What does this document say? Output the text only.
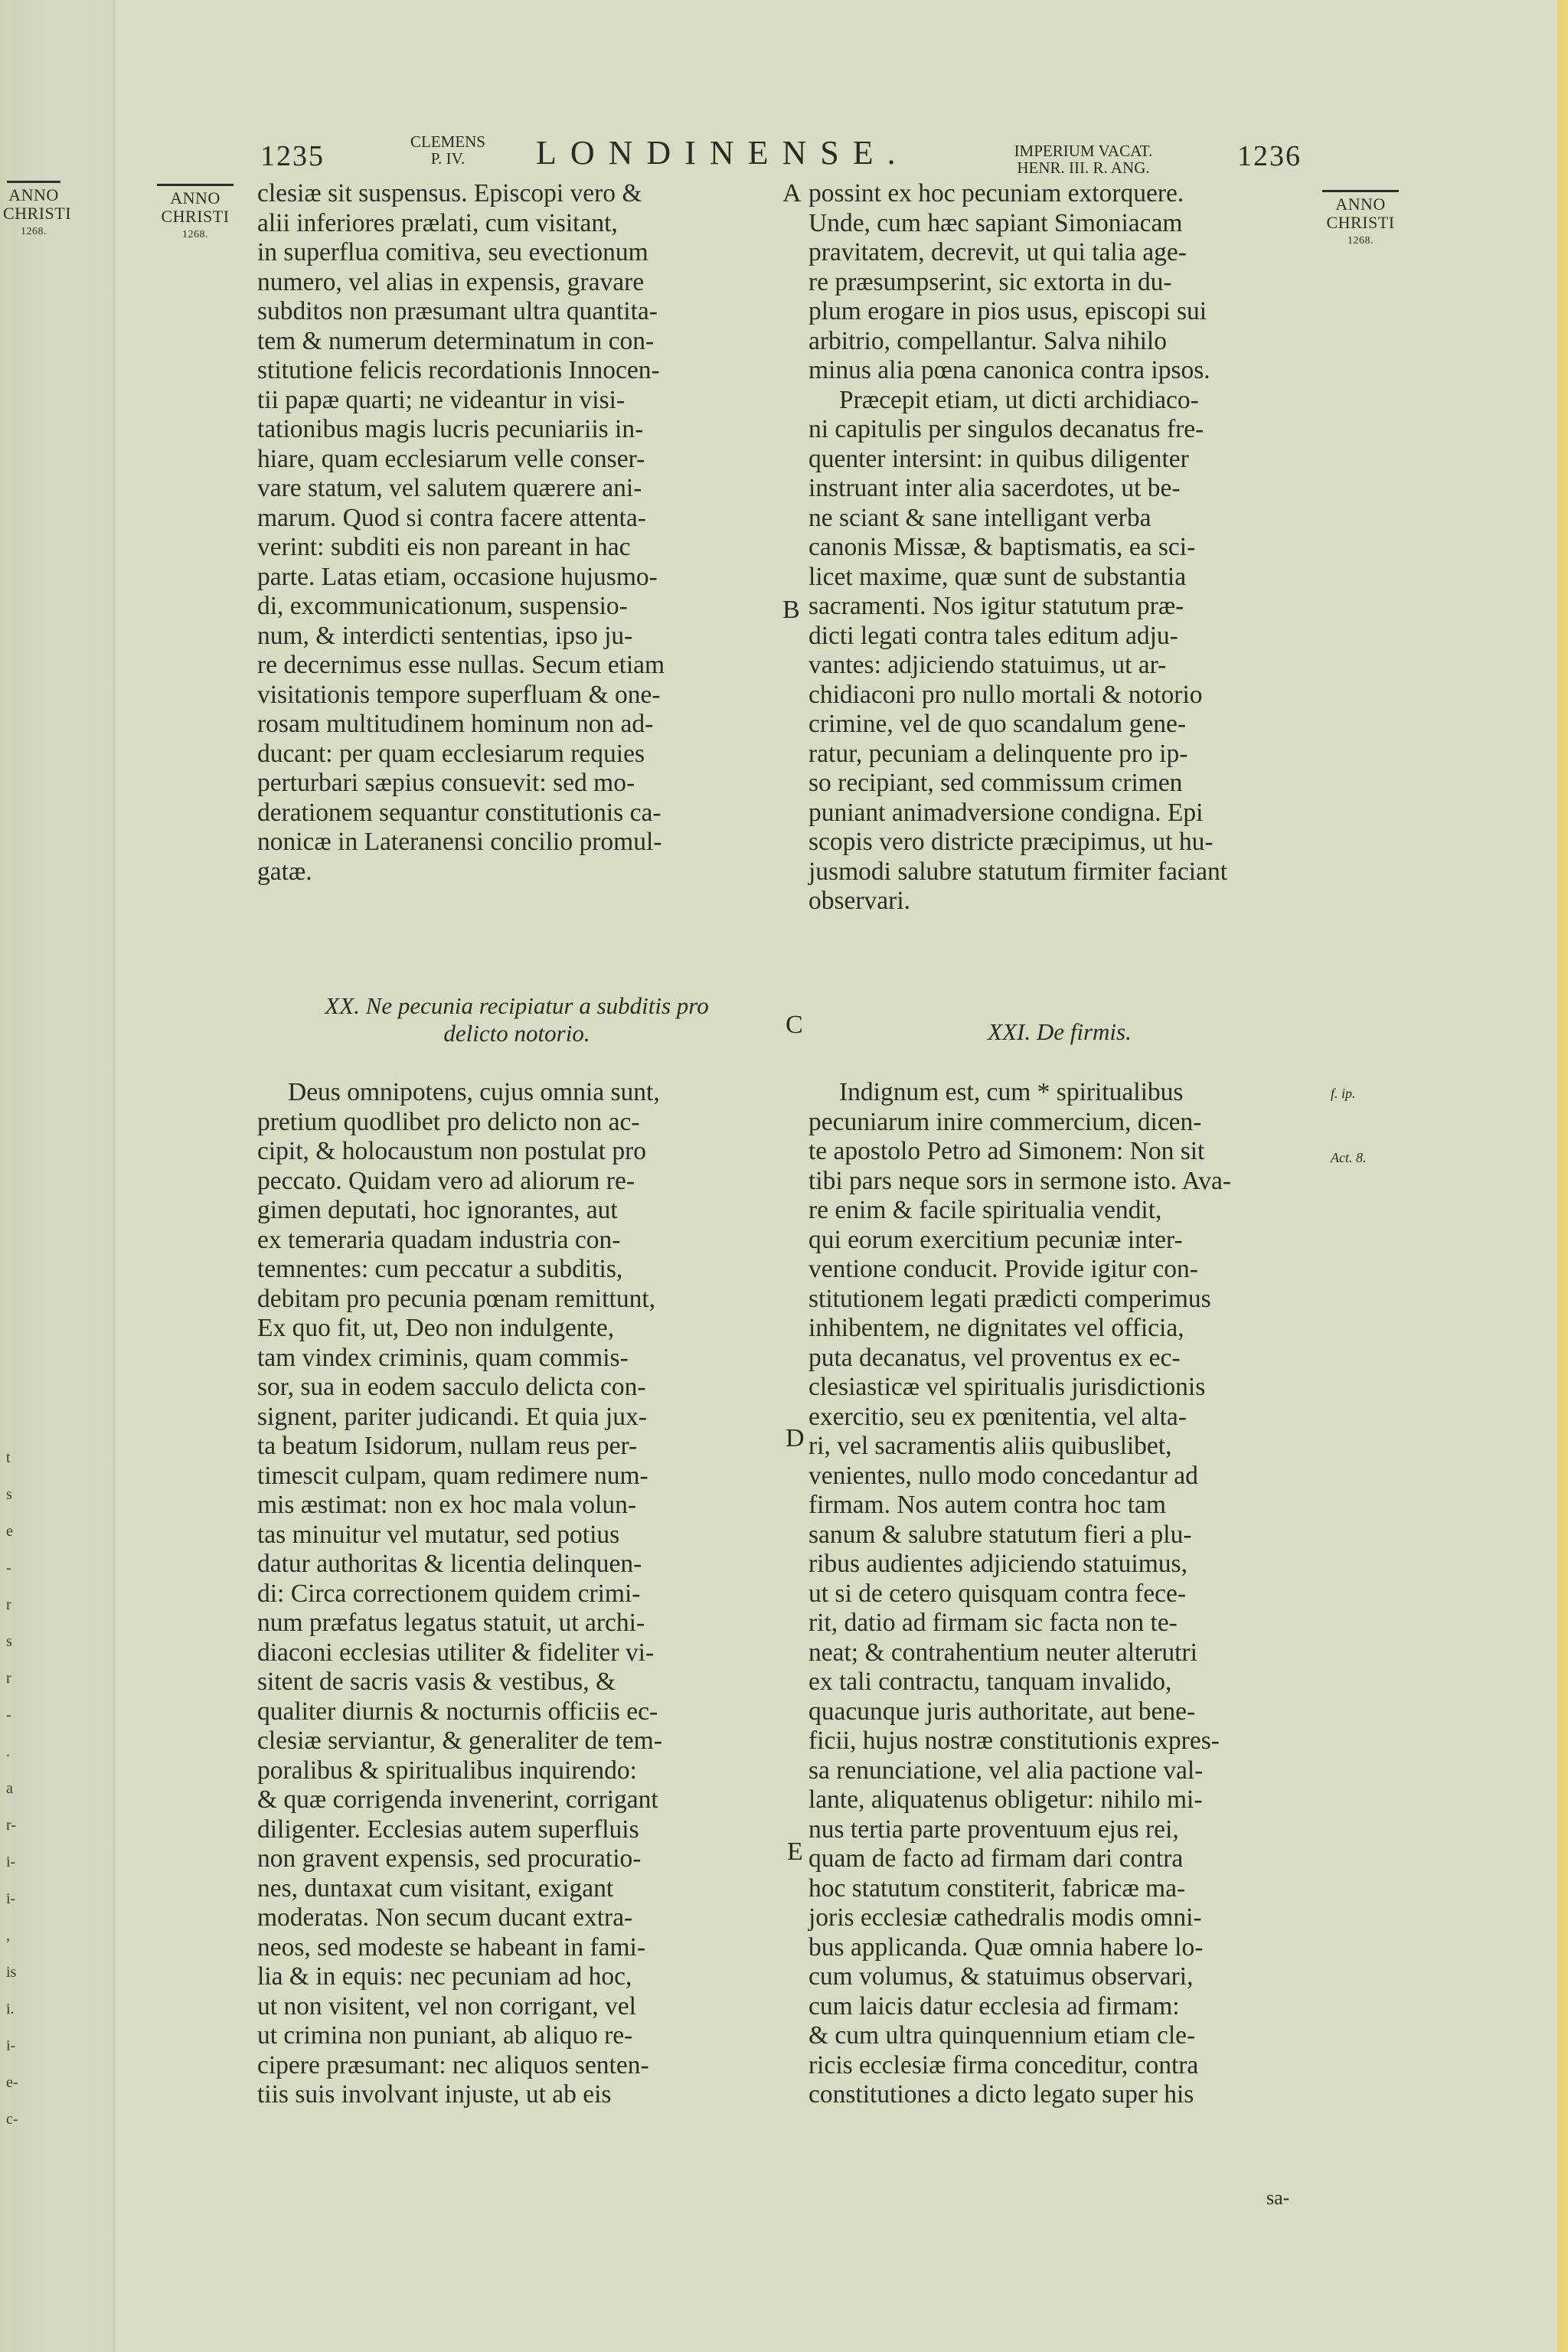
t
s
e
-
r
s
r
-
.
a
r-
i-
i-
,
is
i.
i-
e-
c-
ANNO
CHRISTI
1268.
ANNO
CHRISTI
1268.
ANNO
CHRISTI
1268.
1235	CLEMENS
P. IV.	LONDINENSE.	IMPERIUM VACAT.
HENR. III. R. ANG.	1236
A
B
C
D
E
f. ip.
Act. 8.

clesiæ sit suspensus. Episcopi vero &

alii inferiores prælati, cum visitant,

in superflua comitiva, seu evectionum

numero, vel alias in expensis, gravare

subditos non præsumant ultra quantita-

tem & numerum determinatum in con-

stitutione felicis recordationis Innocen-

tii papæ quarti; ne videantur in visi-

tationibus magis lucris pecuniariis in-

hiare, quam ecclesiarum velle conser-

vare statum, vel salutem quærere ani-

marum. Quod si contra facere attenta-

verint: subditi eis non pareant in hac

parte. Latas etiam, occasione hujusmo-

di, excommunicationum, suspensio-

num, & interdicti sententias, ipso ju-

re decernimus esse nullas. Secum etiam

visitationis tempore superfluam & one-

rosam multitudinem hominum non ad-

ducant: per quam ecclesiarum requies

perturbari sæpius consuevit: sed mo-

derationem sequantur constitutionis ca-

nonicæ in Lateranensi concilio promul-

gatæ.

XX. Ne pecunia recipiatur a subditis pro
delicto notorio.

Deus omnipotens, cujus omnia sunt,

pretium quodlibet pro delicto non ac-

cipit, & holocaustum non postulat pro

peccato. Quidam vero ad aliorum re-

gimen deputati, hoc ignorantes, aut

ex temeraria quadam industria con-

temnentes: cum peccatur a subditis,

debitam pro pecunia pœnam remittunt,

Ex quo fit, ut, Deo non indulgente,

tam vindex criminis, quam commis-

sor, sua in eodem sacculo delicta con-

signent, pariter judicandi. Et quia jux-

ta beatum Isidorum, nullam reus per-

timescit culpam, quam redimere num-

mis æstimat: non ex hoc mala volun-

tas minuitur vel mutatur, sed potius

datur authoritas & licentia delinquen-

di: Circa correctionem quidem crimi-

num præfatus legatus statuit, ut archi-

diaconi ecclesias utiliter & fideliter vi-

sitent de sacris vasis & vestibus, &

qualiter diurnis & nocturnis officiis ec-

clesiæ serviantur, & generaliter de tem-

poralibus & spiritualibus inquirendo:

& quæ corrigenda invenerint, corrigant

diligenter. Ecclesias autem superfluis

non gravent expensis, sed procuratio-

nes, duntaxat cum visitant, exigant

moderatas. Non secum ducant extra-

neos, sed modeste se habeant in fami-

lia & in equis: nec pecuniam ad hoc,

ut non visitent, vel non corrigant, vel

ut crimina non puniant, ab aliquo re-

cipere præsumant: nec aliquos senten-

tiis suis involvant injuste, ut ab eis

possint ex hoc pecuniam extorquere.

Unde, cum hæc sapiant Simoniacam

pravitatem, decrevit, ut qui talia age-

re præsumpserint, sic extorta in du-

plum erogare in pios usus, episcopi sui

arbitrio, compellantur. Salva nihilo

minus alia pœna canonica contra ipsos.

Præcepit etiam, ut dicti archidiaco-

ni capitulis per singulos decanatus fre-

quenter intersint: in quibus diligenter

instruant inter alia sacerdotes, ut be-

ne sciant & sane intelligant verba

canonis Missæ, & baptismatis, ea sci-

licet maxime, quæ sunt de substantia

sacramenti. Nos igitur statutum præ-

dicti legati contra tales editum adju-

vantes: adjiciendo statuimus, ut ar-

chidiaconi pro nullo mortali & notorio

crimine, vel de quo scandalum gene-

ratur, pecuniam a delinquente pro ip-

so recipiant, sed commissum crimen

puniant animadversione condigna. Epi

scopis vero districte præcipimus, ut hu-

jusmodi salubre statutum firmiter faciant

observari.

XXI. De firmis.

Indignum est, cum * spiritualibus

pecuniarum inire commercium, dicen-

te apostolo Petro ad Simonem: Non sit

tibi pars neque sors in sermone isto. Ava-

re enim & facile spiritualia vendit,

qui eorum exercitium pecuniæ inter-

ventione conducit. Provide igitur con-

stitutionem legati prædicti comperimus

inhibentem, ne dignitates vel officia,

puta decanatus, vel proventus ex ec-

clesiasticæ vel spiritualis jurisdictionis

exercitio, seu ex pœnitentia, vel alta-

ri, vel sacramentis aliis quibuslibet,

venientes, nullo modo concedantur ad

firmam. Nos autem contra hoc tam

sanum & salubre statutum fieri a plu-

ribus audientes adjiciendo statuimus,

ut si de cetero quisquam contra fece-

rit, datio ad firmam sic facta non te-

neat; & contrahentium neuter alterutri

ex tali contractu, tanquam invalido,

quacunque juris authoritate, aut bene-

ficii, hujus nostræ constitutionis expres-

sa renunciatione, vel alia pactione val-

lante, aliquatenus obligetur: nihilo mi-

nus tertia parte proventuum ejus rei,

quam de facto ad firmam dari contra

hoc statutum constiterit, fabricæ ma-

joris ecclesiæ cathedralis modis omni-

bus applicanda. Quæ omnia habere lo-

cum volumus, & statuimus observari,

cum laicis datur ecclesia ad firmam:

& cum ultra quinquennium etiam cle-

ricis ecclesiæ firma conceditur, contra

constitutiones a dicto legato super his

sa-
